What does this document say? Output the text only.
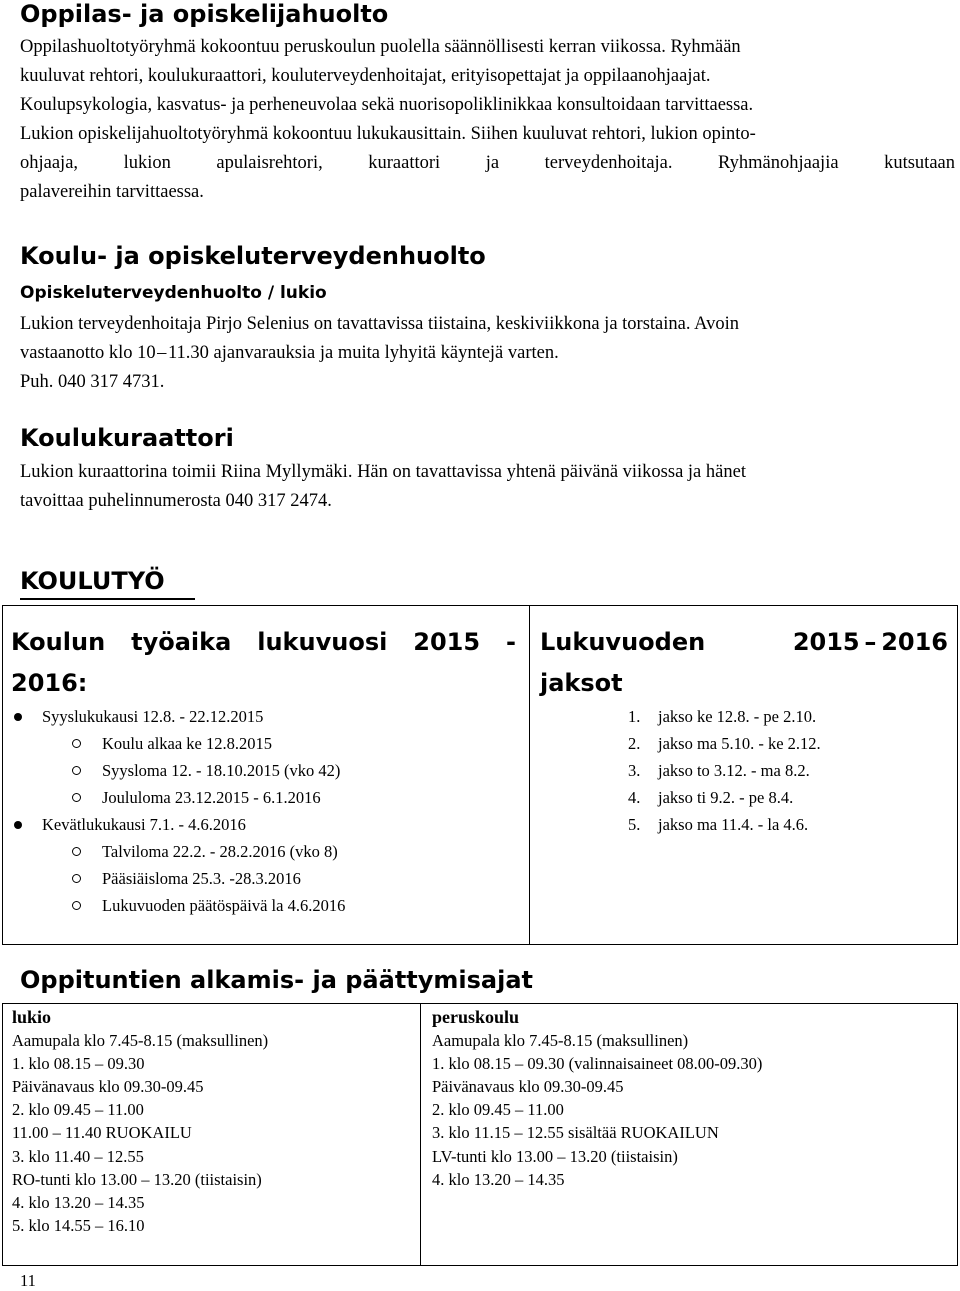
Oppilas- ja opiskelijahuolto
Oppilashuoltotyöryhmä kokoontuu peruskoulun puolella säännöllisesti kerran viikossa. Ryhmään
kuuluvat rehtori, koulukuraattori, kouluterveydenhoitajat, erityisopettajat ja oppilaanohjaajat.
Koulupsykologia, kasvatus- ja perheneuvolaa sekä nuorisopoliklinikkaa konsultoidaan tarvittaessa.
Lukion opiskelijahuoltotyöryhmä kokoontuu lukukausittain. Siihen kuuluvat rehtori, lukion opinto-
ohjaaja, lukion apulaisrehtori, kuraattori ja terveydenhoitaja. Ryhmänohjaajia kutsutaan
palavereihin tarvittaessa.
Koulu- ja opiskeluterveydenhuolto
Opiskeluterveydenhuolto / lukio
Lukion terveydenhoitaja Pirjo Selenius on tavattavissa tiistaina, keskiviikkona ja torstaina. Avoin
vastaanotto klo 10 – 11.30 ajanvarauksia ja muita lyhyitä käyntejä varten.
Puh. 040 317 4731.
Koulukuraattori
Lukion kuraattorina toimii Riina Myllymäki. Hän on tavattavissa yhtenä päivänä viikossa ja hänet
tavoittaa puhelinnumerosta 040 317 2474.
KOULUTYÖ
Koulun työaika lukuvuosi 2015 -
2016:
Syyslukukausi 12.8. - 22.12.2015
Koulu alkaa ke 12.8.2015
Syysloma 12. - 18.10.2015 (vko 42)
Joululoma 23.12.2015 - 6.1.2016
Kevätlukukausi 7.1. - 4.6.2016
Talviloma 22.2. - 28.2.2016 (vko 8)
Pääsiäisloma 25.3. -28.3.2016
Lukuvuoden päätöspäivä la 4.6.2016
Lukuvuoden	2015 – 2016
jaksot
1. jakso ke 12.8. - pe 2.10.
2. jakso ma 5.10. - ke 2.12.
3. jakso to 3.12. - ma 8.2.
4. jakso ti 9.2. - pe 8.4.
5. jakso ma 11.4. - la 4.6.
Oppituntien alkamis- ja päättymisajat
lukio
Aamupala klo 7.45-8.15 (maksullinen)
1. klo 08.15 – 09.30
Päivänavaus klo 09.30-09.45
2. klo 09.45 – 11.00
11.00 – 11.40 RUOKAILU
3. klo 11.40 – 12.55
RO-tunti klo 13.00 – 13.20 (tiistaisin)
4. klo 13.20 – 14.35
5. klo 14.55 – 16.10
peruskoulu
Aamupala klo 7.45-8.15 (maksullinen)
1. klo 08.15 – 09.30 (valinnaisaineet 08.00-09.30)
Päivänavaus klo 09.30-09.45
2. klo 09.45 – 11.00
3. klo 11.15 – 12.55 sisältää RUOKAILUN
LV-tunti klo 13.00 – 13.20 (tiistaisin)
4. klo 13.20 – 14.35
11
